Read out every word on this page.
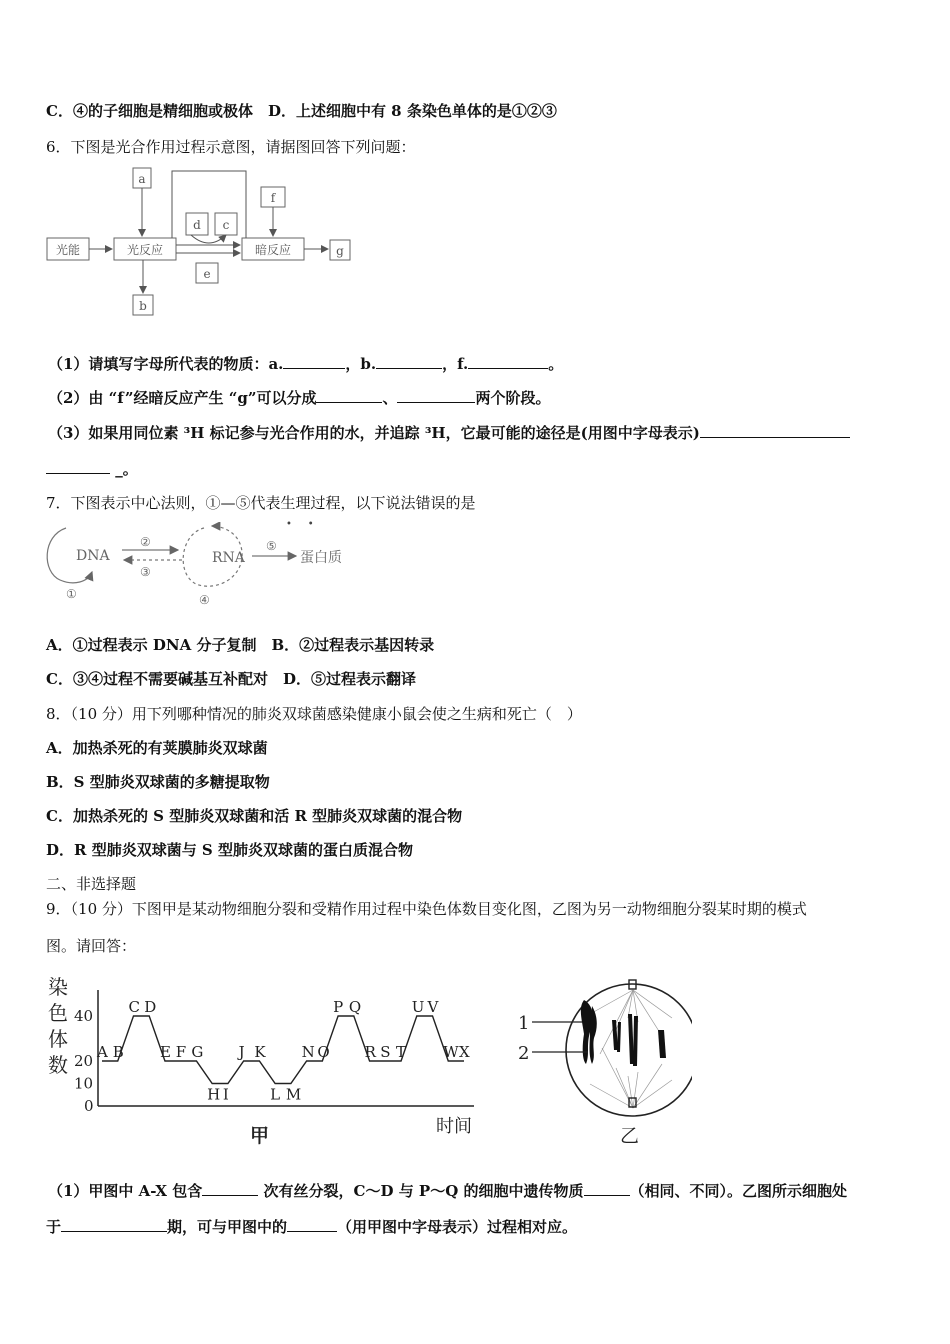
C．④的子细胞是精细胞或极体　D．上述细胞中有 8 条染色单体的是①②③
6．下图是光合作用过程示意图，请据图回答下列问题：
a
光能	光反应	暗反应
f
d c
e
b
g
（1）请填写字母所代表的物质：a.	，b.	，f.	。
（2）由 “f”经暗反应产生 “g”可以分成	、	两个阶段。
（3）如果用同位素 ³H 标记参与光合作用的水，并追踪 ³H，它最可能的途径是(用图中字母表示)
_。
7．下图表示中心法则，①—⑤代表生理过程，以下说法错误的是
•     •
DNA	RNA	蛋白质
②
③
⑤
①	④
A．①过程表示 DNA 分子复制　B．②过程表示基因转录
C．③④过程不需要碱基互补配对　D．⑤过程表示翻译
8．（10 分）用下列哪种情况的肺炎双球菌感染健康小鼠会使之生病和死亡（　）
A．加热杀死的有荚膜肺炎双球菌
B．S 型肺炎双球菌的多糖提取物
C．加热杀死的 S 型肺炎双球菌和活 R 型肺炎双球菌的混合物
D．R 型肺炎双球菌与 S 型肺炎双球菌的蛋白质混合物
二、非选择题
9．（10 分）下图甲是某动物细胞分裂和受精作用过程中染色体数目变化图，乙图为另一动物细胞分裂某时期的模式
图。请回答：
染
色
体
数
0
10
20
40
A B
C D
E F G
H I
J K
L M
N O
P Q
R S T
U V
W X
时间
甲
1
2
乙
（1）甲图中 A-X 包含	次有丝分裂，C～D 与 P～Q 的细胞中遗传物质	（相同、不同）。乙图所示细胞处
于	期，可与甲图中的	（用甲图中字母表示）过程相对应。
